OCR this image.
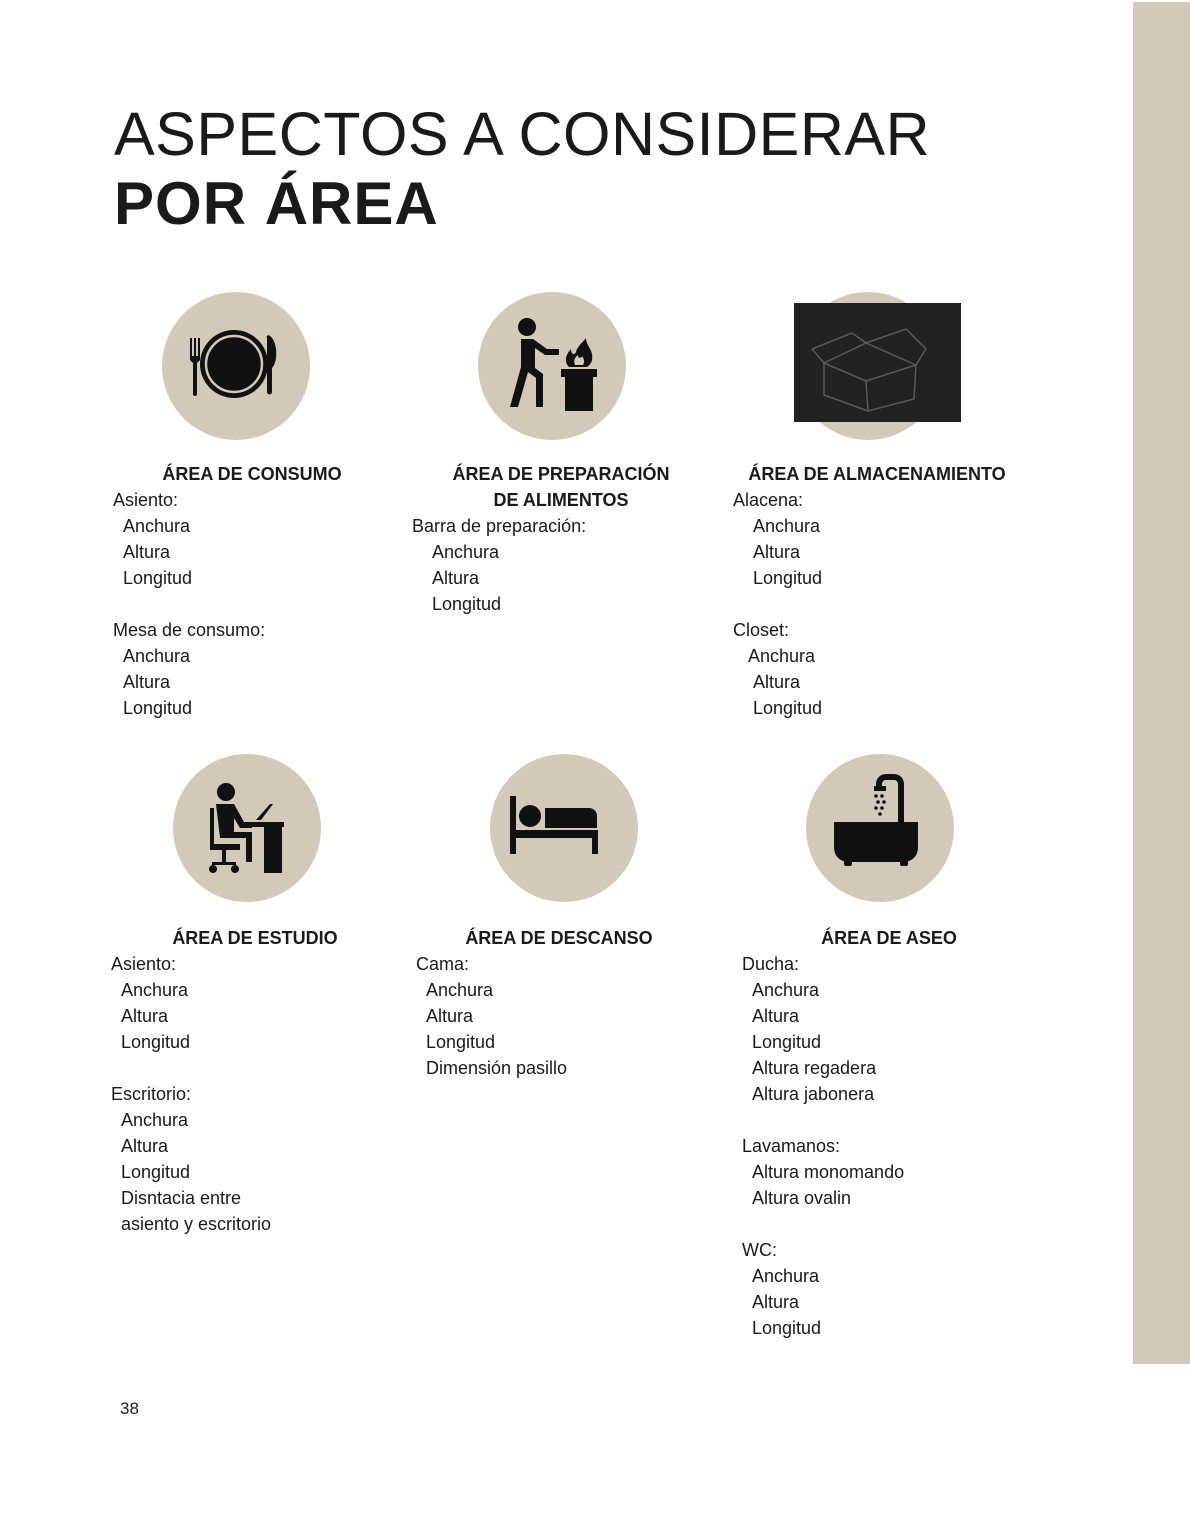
ASPECTOS A CONSIDERAR
POR ÁREA
ÁREA DE CONSUMO
Asiento:
Anchura
Altura
Longitud
Mesa de consumo:
Anchura
Altura
Longitud
ÁREA DE PREPARACIÓN
DE ALIMENTOS
Barra de preparación:
Anchura
Altura
Longitud
ÁREA DE ALMACENAMIENTO
Alacena:
Anchura
Altura
Longitud
Closet:
Anchura
Altura
Longitud
ÁREA DE ESTUDIO
Asiento:
Anchura
Altura
Longitud
Escritorio:
Anchura
Altura
Longitud
Disntacia entre
asiento y escritorio
ÁREA DE DESCANSO
Cama:
Anchura
Altura
Longitud
Dimensión pasillo
ÁREA DE ASEO
Ducha:
Anchura
Altura
Longitud
Altura regadera
Altura jabonera
Lavamanos:
Altura monomando
Altura ovalin
WC:
Anchura
Altura
Longitud
38
